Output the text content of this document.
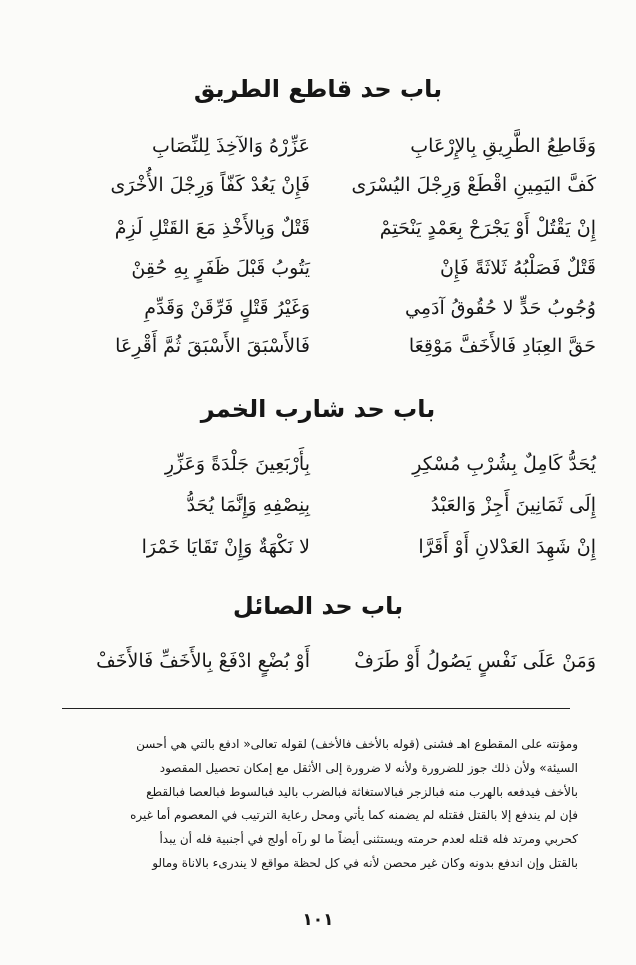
باب حد قاطع الطريق
وَقَاطِعُ الطَّرِيقِ بِالإِرْعَابِ
عَزِّرْهُ وَالآخِذَ لِلنِّصَابِ
كَفَّ اليَمِينِ اقْطَعْ وَرِجْلَ اليُسْرَى
فَإِنْ يَعُدْ كَفّاً وَرِجْلَ الأُخْرَى
إِنْ يَقْتُلْ أَوْ يَجْرَحْ بِعَمْدٍ يَنْحَتِمْ
قَتْلٌ وَبِالأَخْذِ مَعَ القَتْلِ لَزِمْ
قَتْلٌ فَصَلْبُهُ ثَلاثَةً فَإِنْ
يَتُوبُ قَبْلَ ظَفَرٍ بِهِ حُقِنْ
وُجُوبُ حَدٍّ لا حُقُوقُ آدَمِي
وَغَيْرُ قَتْلٍ فَرِّقَنْ وَقَدِّمِ
حَقَّ العِبَادِ فَالأَخَفَّ مَوْقِعَا
فَالأَسْبَقَ الأَسْبَقَ ثُمَّ أَقْرِعَا
باب حد شارب الخمر
يُحَدُّ كَامِلٌ بِشُرْبِ مُسْكِرِ
بِأَرْبَعِينَ جَلْدَةً وَعَزِّرِ
إِلَى ثَمَانِينَ أَجِزْ وَالعَبْدُ
بِنِصْفِهِ وَإِنَّمَا يُحَدُّ
إِنْ شَهِدَ العَدْلانِ أَوْ أَقَرَّا
لا نَكْهَةٌ وَإِنْ تَقَايَا خَمْرَا
باب حد الصائل
وَمَنْ عَلَى نَفْسٍ يَصُولُ أَوْ طَرَفْ
أَوْ بُضْعٍ ادْفَعْ بِالأَخَفِّ فَالأَخَفْ
ومؤنته على المقطوع اهـ فشنى (قوله بالأخف فالأخف) لقوله تعالى« ادفع بالتي هي أحسن
السيئة» ولأن ذلك جوز للضرورة ولأنه لا ضرورة إلى الأثقل مع إمكان تحصيل المقصود
بالأخف فيدفعه بالهرب منه فبالزجر فبالاستغاثة فبالضرب باليد فبالسوط فبالعصا فبالقطع
فإن لم يندفع إلا بالقتل فقتله لم يضمنه كما يأتي ومحل رعاية الترتيب في المعصوم أما غيره
كحربي ومرتد فله قتله لعدم حرمته ويستثنى أيضاً ما لو رآه أولج في أجنبية فله أن يبدأ
بالقتل وإن اندفع بدونه وكان غير محصن لأنه في كل لحظة مواقع لا يندرىء بالاناة ومالو
١٠١
